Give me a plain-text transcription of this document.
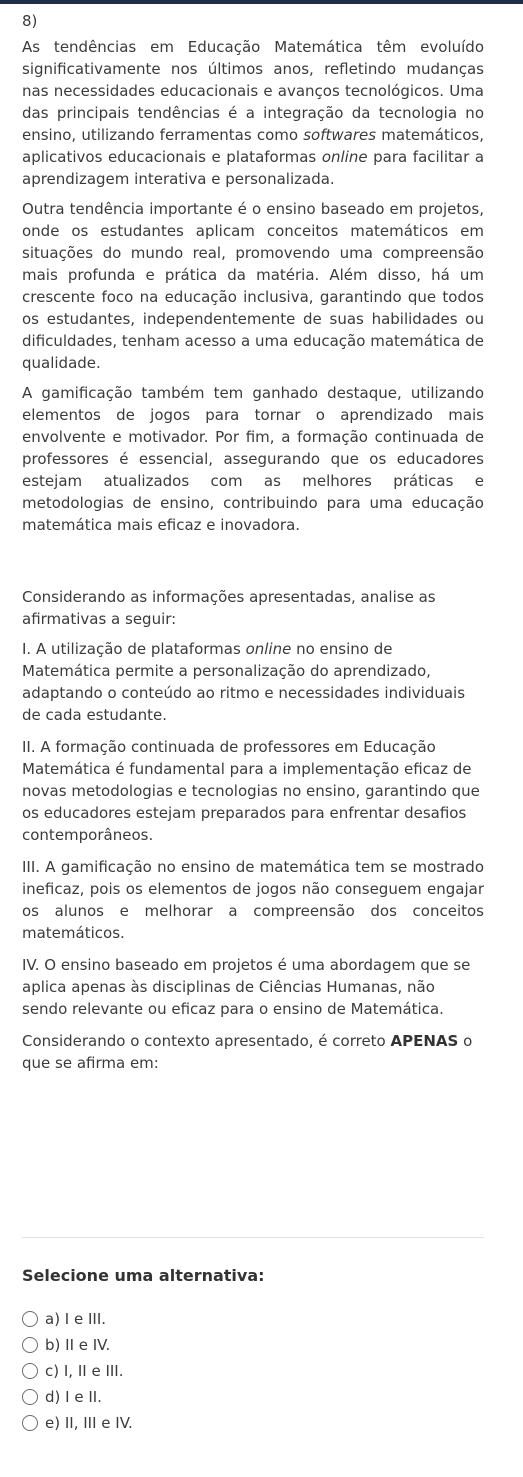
8)

As tendências em Educação Matemática têm evoluído significativamente nos últimos anos, refletindo mudanças nas necessidades educacionais e avanços tecnológicos. Uma das principais tendências é a integração da tecnologia no ensino, utilizando ferramentas como softwares matemáticos, aplicativos educacionais e plataformas online para facilitar a aprendizagem interativa e personalizada.

Outra tendência importante é o ensino baseado em projetos, onde os estudantes aplicam conceitos matemáticos em situações do mundo real, promovendo uma compreensão mais profunda e prática da matéria. Além disso, há um crescente foco na educação inclusiva, garantindo que todos os estudantes, independentemente de suas habilidades ou dificuldades, tenham acesso a uma educação matemática de qualidade.

A gamificação também tem ganhado destaque, utilizando elementos de jogos para tornar o aprendizado mais envolvente e motivador. Por fim, a formação continuada de professores é essencial, assegurando que os educadores estejam atualizados com as melhores práticas e metodologias de ensino, contribuindo para uma educação matemática mais eficaz e inovadora.

Considerando as informações apresentadas, analise as afirmativas a seguir:

I. A utilização de plataformas online no ensino de Matemática permite a personalização do aprendizado, adaptando o conteúdo ao ritmo e necessidades individuais de cada estudante.

II. A formação continuada de professores em Educação Matemática é fundamental para a implementação eficaz de novas metodologias e tecnologias no ensino, garantindo que os educadores estejam preparados para enfrentar desafios contemporâneos.

III. A gamificação no ensino de matemática tem se mostrado ineficaz, pois os elementos de jogos não conseguem engajar os alunos e melhorar a compreensão dos conceitos matemáticos.

IV. O ensino baseado em projetos é uma abordagem que se aplica apenas às disciplinas de Ciências Humanas, não sendo relevante ou eficaz para o ensino de Matemática.

Considerando o contexto apresentado, é correto APENAS o que se afirma em:

Selecione uma alternativa:
a) I e III.
b) II e IV.
c) I, II e III.
d) I e II.
e) II, III e IV.
